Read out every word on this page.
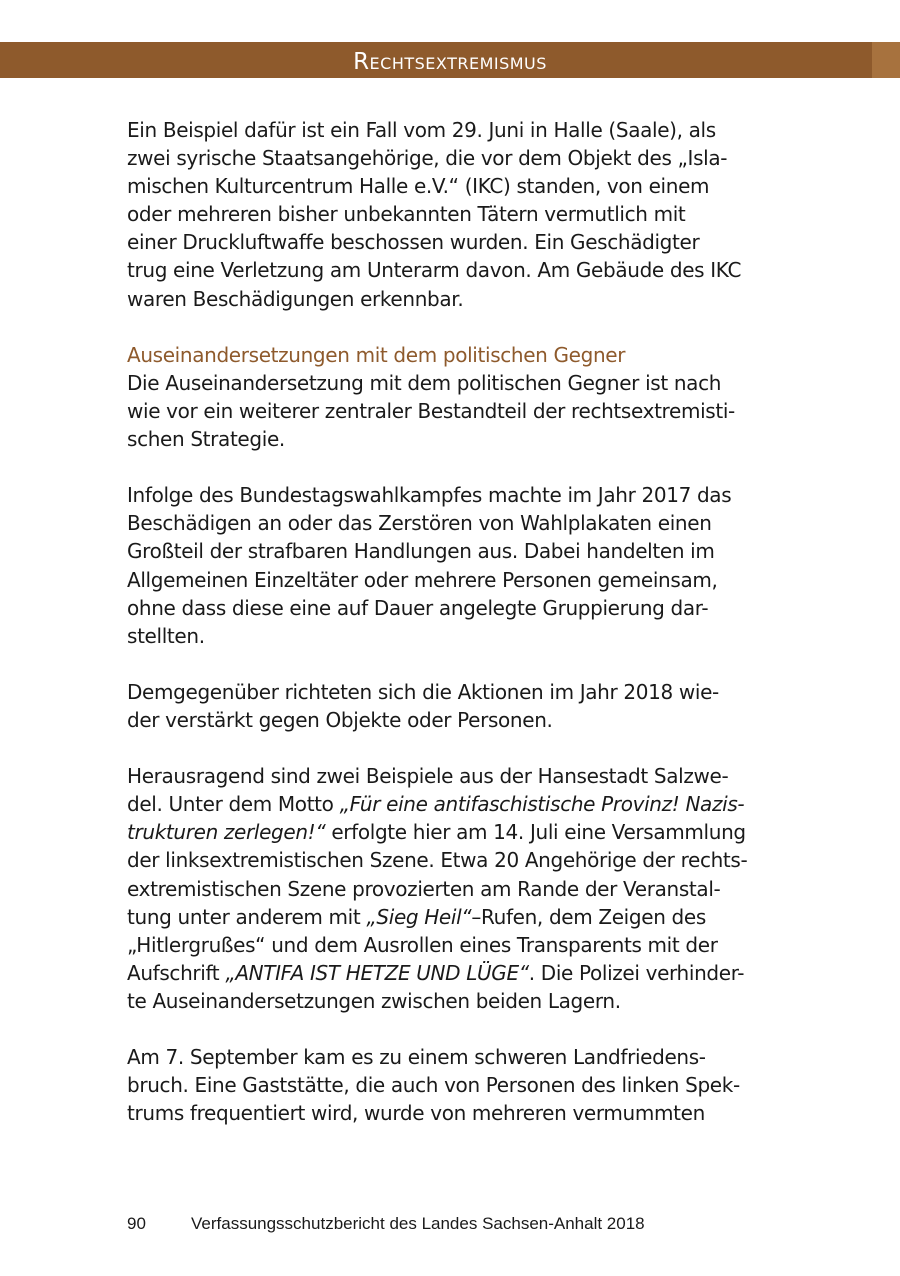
Rechtsextremismus

Ein Beispiel dafür ist ein Fall vom 29. Juni in Halle (Saale), als
zwei syrische Staatsangehörige, die vor dem Objekt des „Isla-
mischen Kulturcentrum Halle e.V.“ (IKC) standen, von einem
oder mehreren bisher unbekannten Tätern vermutlich mit
einer Druckluftwaffe beschossen wurden. Ein Geschädigter
trug eine Verletzung am Unterarm davon. Am Gebäude des IKC
waren Beschädigungen erkennbar.

Auseinandersetzungen mit dem politischen Gegner
Die Auseinandersetzung mit dem politischen Gegner ist nach
wie vor ein weiterer zentraler Bestandteil der rechtsextremisti-
schen Strategie.

Infolge des Bundestagswahlkampfes machte im Jahr 2017 das
Beschädigen an oder das Zerstören von Wahlplakaten einen
Großteil der strafbaren Handlungen aus. Dabei handelten im
Allgemeinen Einzeltäter oder mehrere Personen gemeinsam,
ohne dass diese eine auf Dauer angelegte Gruppierung dar-
stellten.

Demgegenüber richteten sich die Aktionen im Jahr 2018 wie-
der verstärkt gegen Objekte oder Personen.

Herausragend sind zwei Beispiele aus der Hansestadt Salzwe-
del. Unter dem Motto „Für eine antifaschistische Provinz! Nazis-
trukturen zerlegen!“ erfolgte hier am 14. Juli eine Versammlung
der linksextremistischen Szene. Etwa 20 Angehörige der rechts-
extremistischen Szene provozierten am Rande der Veranstal-
tung unter anderem mit „Sieg Heil“–Rufen, dem Zeigen des
„Hitlergrußes“ und dem Ausrollen eines Transparents mit der
Aufschrift „ANTIFA IST HETZE UND LÜGE“. Die Polizei verhinder-
te Auseinandersetzungen zwischen beiden Lagern.

Am 7. September kam es zu einem schweren Landfriedens-
bruch. Eine Gaststätte, die auch von Personen des linken Spek-
trums frequentiert wird, wurde von mehreren vermummten

90	Verfassungsschutzbericht des Landes Sachsen-Anhalt 2018
